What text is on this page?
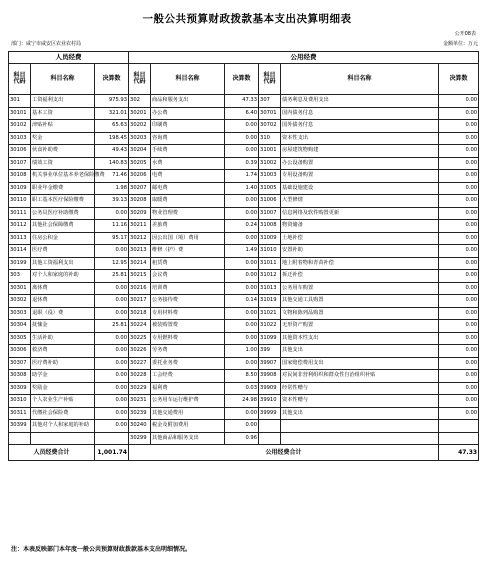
一般公共预算财政拨款基本支出决算明细表
公开08表
部门：咸宁市咸安区农业农村局	金额单位：万元
人员经费			公用经费					
科目
代码	科目名称	决算数	科目
代码	科目名称	决算数	科目
代码	科目名称	决算数
301	工资福利支出	975.93	302	商品和服务支出	47.33	307	债务利息及费用支出	0.00
30101	基本工资	321.01	30201	办公费	6.40	30701	国内债务付息	0.00
30102	津贴补贴	65.63	30202	印刷费	0.00	30702	国外债务付息	0.00
30103	奖金	198.45	30203	咨询费	0.00	310	资本性支出	0.00
30106	伙食补助费	49.43	30204	手续费	0.00	31001	房屋建筑物购建	0.00
30107	绩效工资	140.83	30205	水费	0.39	31002	办公设备购置	0.00
30108	机关事业单位基本养老保险缴费	71.46	30206	电费	1.74	31003	专用设备购置	0.00
30109	职业年金缴费	1.98	30207	邮电费	1.40	31005	基础设施建设	0.00
30110	职工基本医疗保险缴费	39.13	30208	取暖费	0.00	31006	大型修缮	0.00
30111	公务员医疗补助缴费	0.00	30209	物业管理费	0.00	31007	信息网络及软件购置更新	0.00
30112	其他社会保障缴费	11.16	30211	差旅费	0.24	31008	物资储备	0.00
30113	住房公积金	95.17	30212	因公出国（境）费用	0.00	31009	土地补偿	0.00
30114	医疗费	0.00	30213	维修（护）费	1.49	31010	安置补助	0.00
30199	其他工资福利支出	12.95	30214	租赁费	0.00	31011	地上附着物和青苗补偿	0.00
303	对个人和家庭的补助	25.81	30215	会议费	0.00	31012	拆迁补偿	0.00
30301	离休费	0.00	30216	培训费	0.00	31013	公务用车购置	0.00
30302	退休费	0.00	30217	公务接待费	0.14	31019	其他交通工具购置	0.00
30303	退职（役）费	0.00	30218	专用材料费	0.00	31021	文物和陈列品购置	0.00
30304	抚恤金	25.81	30224	被装购置费	0.00	31022	无形资产购置	0.00
30305	生活补助	0.00	30225	专用燃料费	0.00	31099	其他资本性支出	0.00
30306	救济费	0.00	30226	劳务费	1.00	399	其他支出	0.00
30307	医疗费补助	0.00	30227	委托业务费	0.00	39907	国家赔偿费用支出	0.00
30308	助学金	0.00	30228	工会经费	8.50	39908	对民间非营利组织和群众性自治组织补贴	0.00
30309	奖励金	0.00	30229	福利费	0.03	39909	经常性赠与	0.00
30310	个人农业生产补贴	0.00	30231	公务用车运行维护费	24.98	39910	资本性赠与	0.00
30311	代缴社会保险费	0.00	30239	其他交通费用	0.00	39999	其他支出	0.00
30399	其他对个人和家庭的补助	0.00	30240	税金及附加费用	0.00			
			30299	其他商品和服务支出	0.96			
人员经费合计		1,001.74	公用经费合计					47.33
注：本表反映部门本年度一般公共预算财政拨款基本支出明细情况。
